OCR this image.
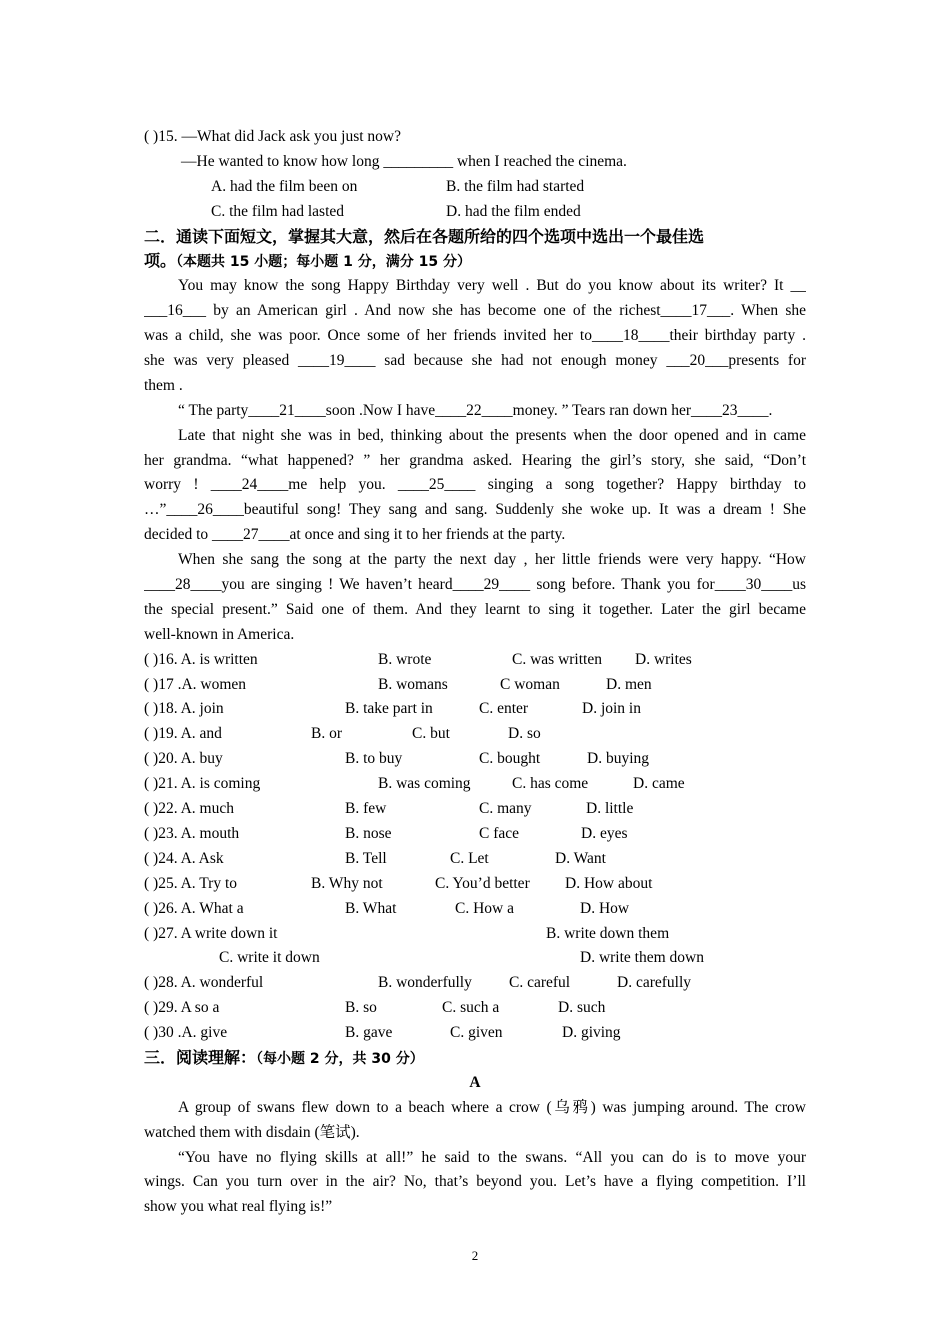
( )15. —What did Jack ask you just now?
—He wanted to know how long _________ when I reached the cinema.
A. had the film been on	B. the film had started
C. the film had lasted	D. had the film ended
二．通读下面短文，掌握其大意，然后在各题所给的四个选项中选出一个最佳选
项。（本题共 15 小题；每小题 1 分，满分 15 分）
You may know the song Happy Birthday very well . But do you know about its writer? It __
___16___ by an American girl . And now she has become one of the richest____17___. When she
was a child, she was poor. Once some of her friends invited her to____18____their birthday party .
she was very pleased ____19____ sad because she had not enough money ___20___presents for
them .
“ The party____21____soon .Now I have____22____money. ” Tears ran down her____23____.
Late that night she was in bed, thinking about the presents when the door opened and in came
her grandma. “what happened? ” her grandma asked. Hearing the girl’s story, she said, “Don’t
worry ! ____24____me help you. ____25____ singing a song together? Happy birthday to
…”____26____beautiful song! They sang and sang. Suddenly she woke up. It was a dream ! She
decided to ____27____at once and sing it to her friends at the party.
When she sang the song at the party the next day , her little friends were very happy. “How
____28____you are singing ! We haven’t heard____29____ song before. Thank you for____30____us
the special present.” Said one of them. And they learnt to sing it together. Later the girl became
well-known in America.
( )16. A. is written	B. wrote	C. was written D. writes
( )17 .A. women	B. womans	C woman	D. men
( )18. A. join	B. take part in	C. enter	D. join in
( )19. A. and	B. or	C. but	D. so
( )20. A. buy	B. to buy	C. bought	D. buying
( )21. A. is coming	B. was coming	C. has come	D. came
( )22. A. much	B. few	C. many	D. little
( )23. A. mouth	B. nose	C face	D. eyes
( )24. A. Ask	B. Tell	C. Let	D. Want
( )25. A. Try to	B. Why not	C. You’d better D. How about
( )26. A. What a	B. What	C. How a	D. How
( )27. A write down it	B. write down them
C. write it down	D. write them down
( )28. A. wonderful	B. wonderfully C. careful	D. carefully
( )29. A so a	B. so	C. such a	D. such
( )30 .A. give	B. gave	C. given	D. giving
三．阅读理解：（每小题 2 分，共 30 分）
A
A group of swans flew down to a beach where a crow (乌鸦) was jumping around. The crow
watched them with disdain (笔试).
“You have no flying skills at all!” he said to the swans. “All you can do is to move your
wings. Can you turn over in the air? No, that’s beyond you. Let’s have a flying competition. I’ll
show you what real flying is!”
2
